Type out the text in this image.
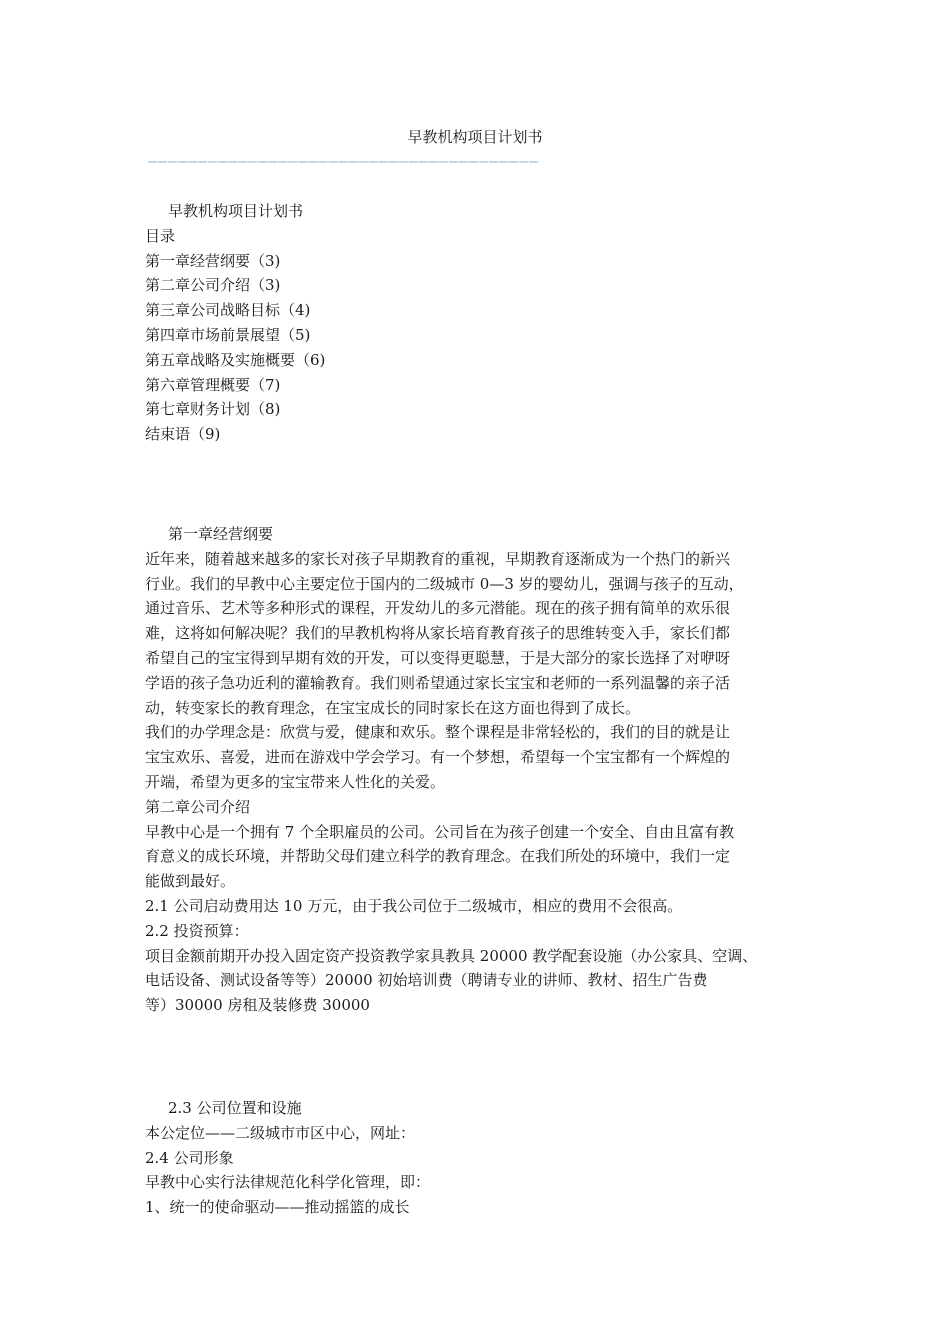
早教机构项目计划书
———————————————————————————————————————
早教机构项目计划书
目录
第一章经营纲要（3)
第二章公司介绍（3)
第三章公司战略目标（4)
第四章市场前景展望（5)
第五章战略及实施概要（6)
第六章管理概要（7)
第七章财务计划（8)
结束语（9)
第一章经营纲要
近年来，随着越来越多的家长对孩子早期教育的重视，早期教育逐渐成为一个热门的新兴
行业。我们的早教中心主要定位于国内的二级城市 0—3 岁的婴幼儿，强调与孩子的互动，
通过音乐、艺术等多种形式的课程，开发幼儿的多元潜能。现在的孩子拥有简单的欢乐很
难，这将如何解决呢？我们的早教机构将从家长培育教育孩子的思维转变入手，家长们都
希望自己的宝宝得到早期有效的开发，可以变得更聪慧，于是大部分的家长选择了对咿呀
学语的孩子急功近利的灌输教育。我们则希望通过家长宝宝和老师的一系列温馨的亲子活
动，转变家长的教育理念，在宝宝成长的同时家长在这方面也得到了成长。
我们的办学理念是：欣赏与爱，健康和欢乐。整个课程是非常轻松的，我们的目的就是让
宝宝欢乐、喜爱，进而在游戏中学会学习。有一个梦想，希望每一个宝宝都有一个辉煌的
开端，希望为更多的宝宝带来人性化的关爱。
第二章公司介绍
早教中心是一个拥有 7 个全职雇员的公司。公司旨在为孩子创建一个安全、自由且富有教
育意义的成长环境，并帮助父母们建立科学的教育理念。在我们所处的环境中，我们一定
能做到最好。
2.1 公司启动费用达 10 万元，由于我公司位于二级城市，相应的费用不会很高。
2.2 投资预算：
项目金额前期开办投入固定资产投资教学家具教具 20000 教学配套设施（办公家具、空调、
电话设备、测试设备等等）20000 初始培训费（聘请专业的讲师、教材、招生广告费
等）30000 房租及装修费 30000
2.3 公司位置和设施
本公定位——二级城市市区中心，网址：
2.4 公司形象
早教中心实行法律规范化科学化管理，即：
1、统一的使命驱动——推动摇篮的成长
